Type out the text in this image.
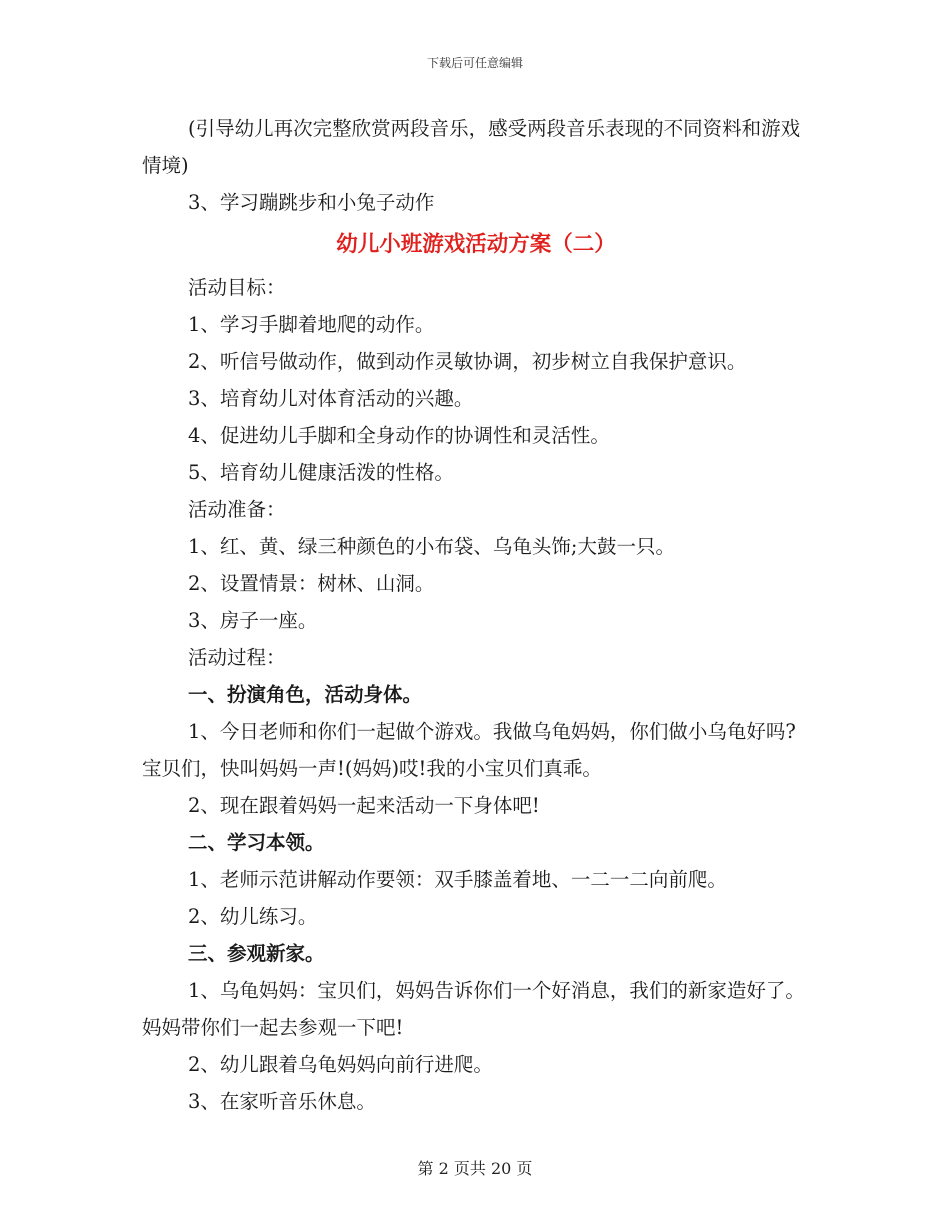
下载后可任意编辑

(引导幼儿再次完整欣赏两段音乐，感受两段音乐表现的不同资料和游戏情境)

3、学习蹦跳步和小兔子动作

幼儿小班游戏活动方案（二）

活动目标：

1、学习手脚着地爬的动作。

2、听信号做动作，做到动作灵敏协调，初步树立自我保护意识。

3、培育幼儿对体育活动的兴趣。

4、促进幼儿手脚和全身动作的协调性和灵活性。

5、培育幼儿健康活泼的性格。

活动准备：

1、红、黄、绿三种颜色的小布袋、乌龟头饰;大鼓一只。

2、设置情景：树林、山洞。

3、房子一座。

活动过程：

一、扮演角色，活动身体。

1、今日老师和你们一起做个游戏。我做乌龟妈妈，你们做小乌龟好吗?宝贝们，快叫妈妈一声!(妈妈)哎!我的小宝贝们真乖。

2、现在跟着妈妈一起来活动一下身体吧!

二、学习本领。

1、老师示范讲解动作要领：双手膝盖着地、一二一二向前爬。

2、幼儿练习。

三、参观新家。

1、乌龟妈妈：宝贝们，妈妈告诉你们一个好消息，我们的新家造好了。妈妈带你们一起去参观一下吧!

2、幼儿跟着乌龟妈妈向前行进爬。

3、在家听音乐休息。

第 2 页共 20 页
